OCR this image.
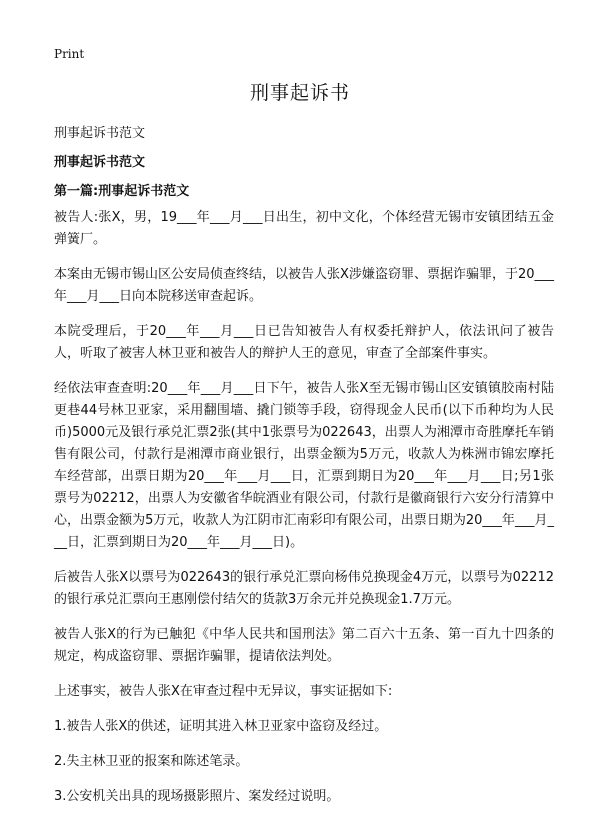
Print
刑事起诉书
刑事起诉书范文
刑事起诉书范文
第一篇:刑事起诉书范文

被告人:张X，男，19___年___月___日出生，初中文化，个体经营无锡市安镇团结五金弹簧厂。

本案由无锡市锡山区公安局侦查终结，以被告人张X涉嫌盗窃罪、票据诈骗罪，于20___年___月___日向本院移送审查起诉。

本院受理后，于20___年___月___日已告知被告人有权委托辩护人，依法讯问了被告人，听取了被害人林卫亚和被告人的辩护人王的意见，审查了全部案件事实。

经依法审查查明:20___年___月___日下午，被告人张X至无锡市锡山区安镇镇胶南村陆更巷44号林卫亚家，采用翻围墙、撬门锁等手段，窃得现金人民币(以下币种均为人民币)5000元及银行承兑汇票2张(其中1张票号为022643，出票人为湘潭市奇胜摩托车销售有限公司，付款行是湘潭市商业银行，出票金额为5万元，收款人为株洲市锦宏摩托车经营部，出票日期为20___年___月___日，汇票到期日为20___年___月___日;另1张票号为02212，出票人为安徽省华皖酒业有限公司，付款行是徽商银行六安分行清算中心，出票金额为5万元，收款人为江阴市汇南彩印有限公司，出票日期为20___年___月___日，汇票到期日为20___年___月___日)。

后被告人张X以票号为022643的银行承兑汇票向杨伟兑换现金4万元，以票号为02212的银行承兑汇票向王惠刚偿付结欠的货款3万余元并兑换现金1.7万元。

被告人张X的行为已触犯《中华人民共和国刑法》第二百六十五条、第一百九十四条的规定，构成盗窃罪、票据诈骗罪，提请依法判处。

上述事实，被告人张X在审查过程中无异议，事实证据如下:

1.被告人张X的供述，证明其进入林卫亚家中盗窃及经过。

2.失主林卫亚的报案和陈述笔录。

3.公安机关出具的现场摄影照片、案发经过说明。
